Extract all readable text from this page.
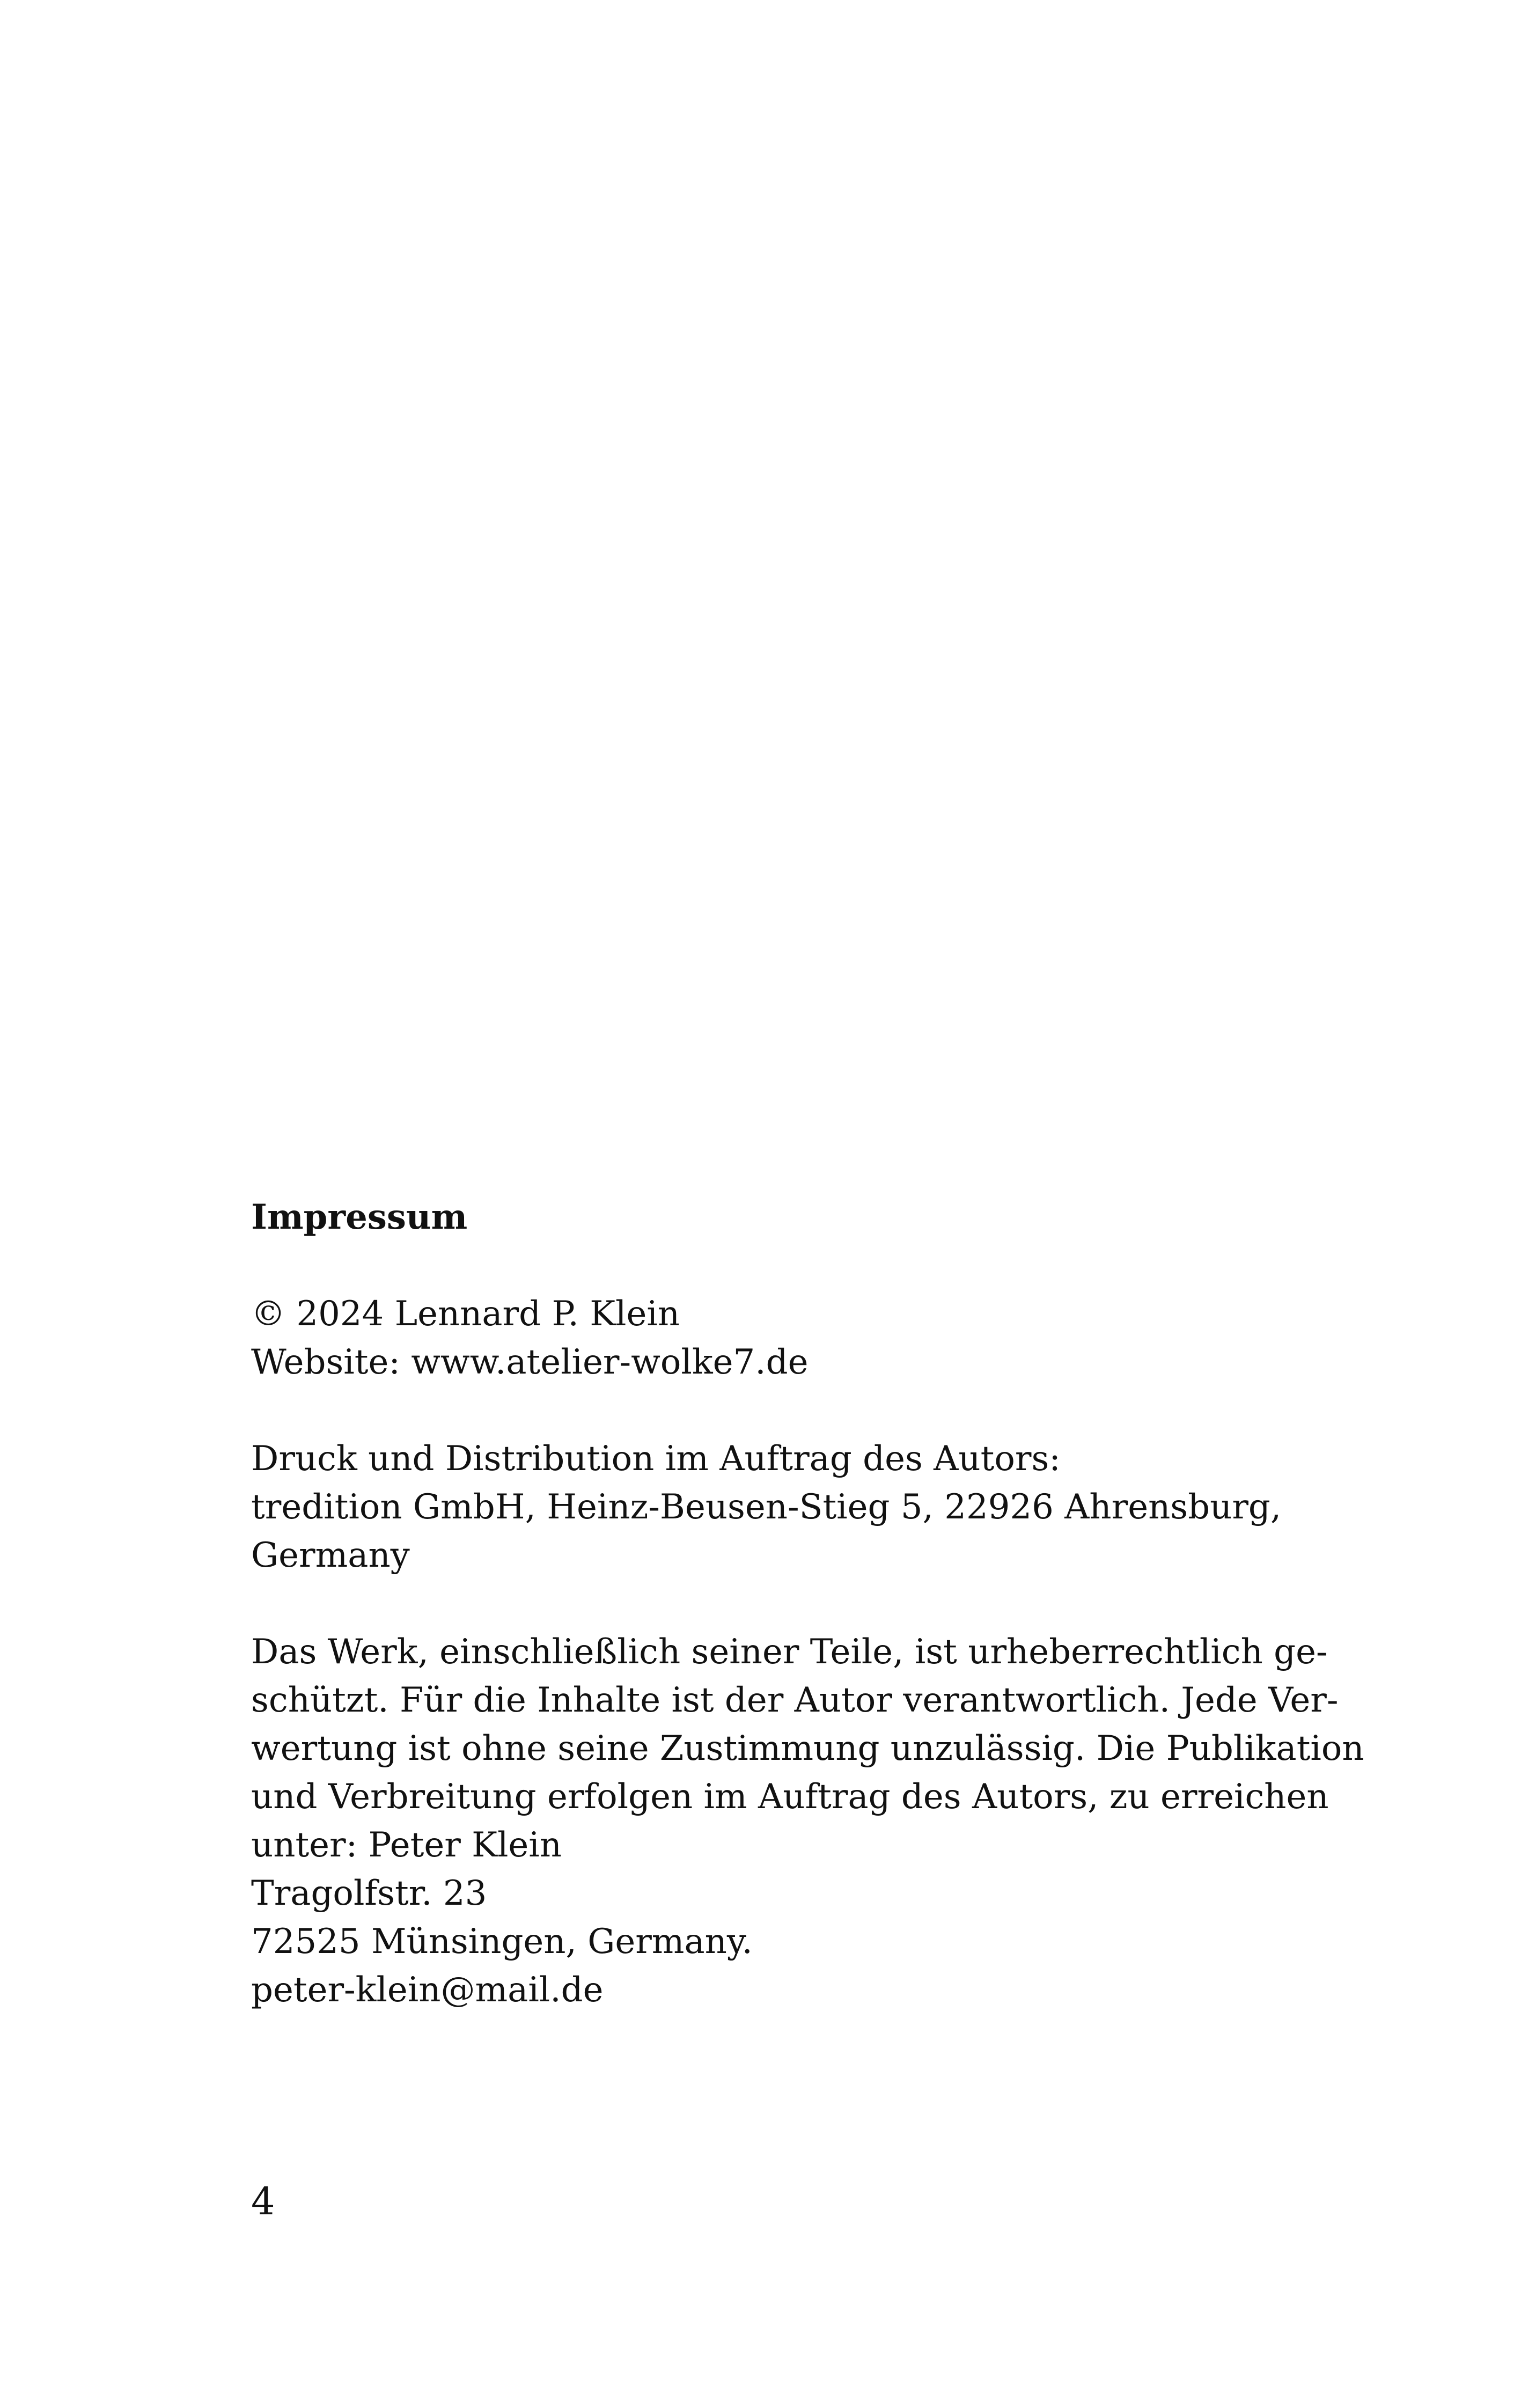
Impressum
© 2024 Lennard P. Klein
Website: www.atelier-wolke7.de
Druck und Distribution im Auftrag des Autors:
tredition GmbH, Heinz-Beusen-Stieg 5, 22926 Ahrensburg,
Germany
Das Werk, einschließlich seiner Teile, ist urheberrechtlich ge-
schützt. Für die Inhalte ist der Autor verantwortlich. Jede Ver-
wertung ist ohne seine Zustimmung unzulässig. Die Publikation
und Verbreitung erfolgen im Auftrag des Autors, zu erreichen
unter: Peter Klein
Tragolfstr. 23
72525 Münsingen, Germany.
peter-klein@mail.de
4
